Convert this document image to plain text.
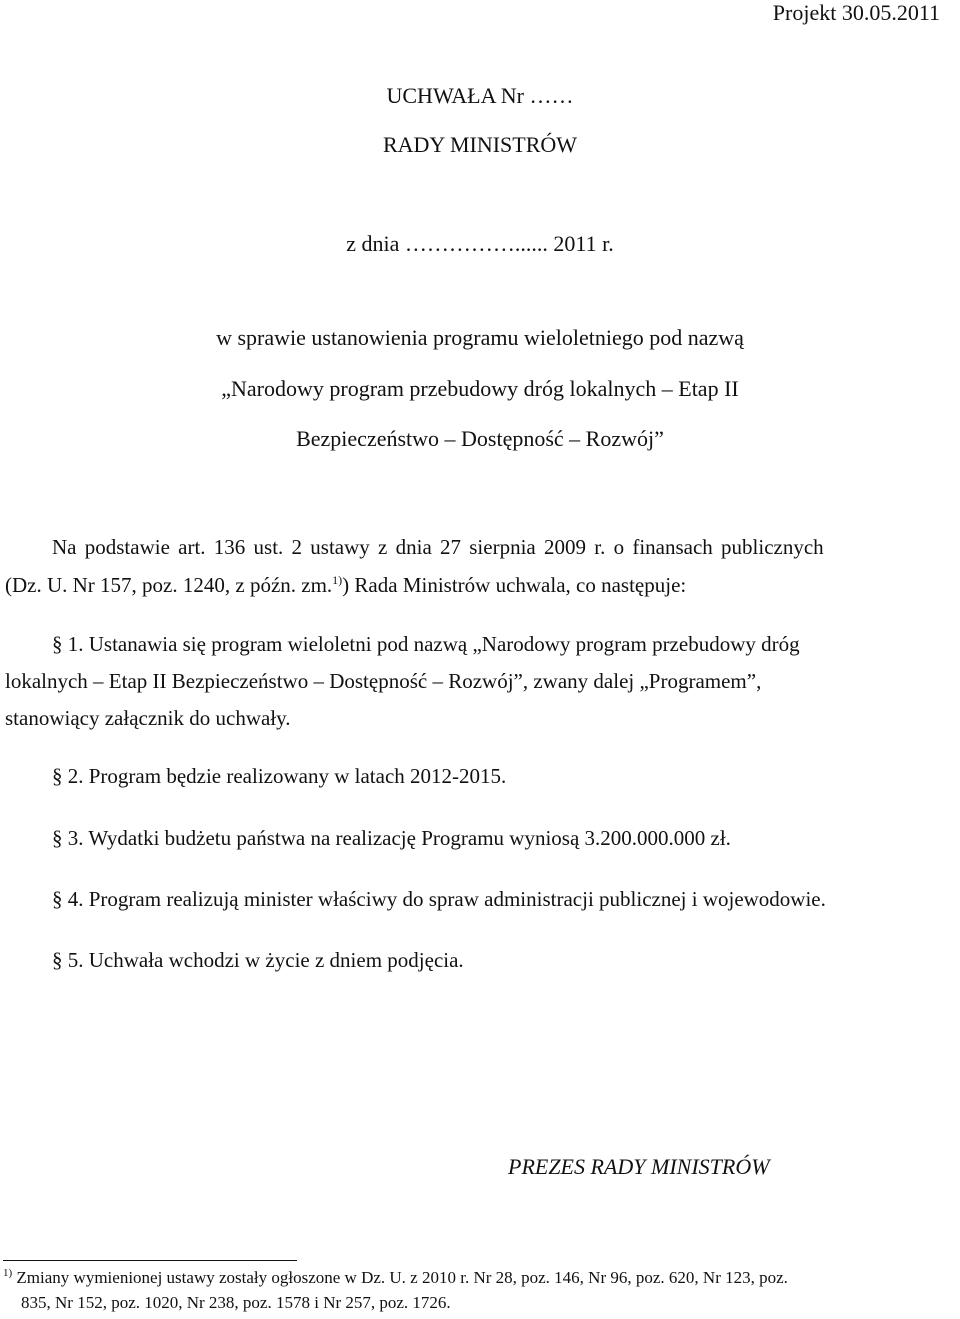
Projekt 30.05.2011
UCHWAŁA Nr ……
RADY MINISTRÓW
z dnia ……………...... 2011 r.
w sprawie ustanowienia programu wieloletniego pod nazwą
„Narodowy program przebudowy dróg lokalnych – Etap II
Bezpieczeństwo – Dostępność – Rozwój”
Na podstawie art. 136 ust. 2 ustawy z dnia 27 sierpnia 2009 r. o finansach publicznych
(Dz. U. Nr 157, poz. 1240, z późn. zm.$^{1)}$) Rada Ministrów uchwala, co następuje:
§ 1. Ustanawia się program wieloletni pod nazwą „Narodowy program przebudowy dróg
lokalnych – Etap II Bezpieczeństwo – Dostępność – Rozwój”, zwany dalej „Programem”,
stanowiący załącznik do uchwały.
§ 2. Program będzie realizowany w latach 2012-2015.
§ 3. Wydatki budżetu państwa na realizację Programu wyniosą 3.200.000.000 zł.
§ 4. Program realizują minister właściwy do spraw administracji publicznej i wojewodowie.
§ 5. Uchwała wchodzi w życie z dniem podjęcia.
PREZES RADY MINISTRÓW
$^{1)}$ Zmiany wymienionej ustawy zostały ogłoszone w Dz. U. z 2010 r. Nr 28, poz. 146, Nr 96, poz. 620, Nr 123, poz.
835, Nr 152, poz. 1020, Nr 238, poz. 1578 i Nr 257, poz. 1726.
